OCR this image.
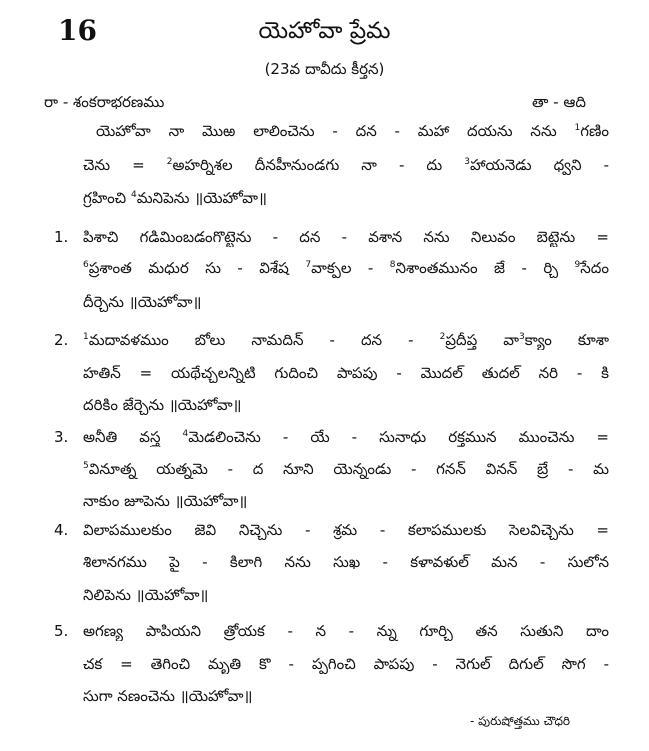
16	యెహోవా ప్రేమ
(23వ దావీదు కీర్తన)
రా - శంకరాభరణము	తా - ఆది
యెహోవా నా మొఱ లాలించెను - దన - మహా దయను నను $^1$గణిం
చెను = $^2$అహర్నిశల దీనహీనుండగు నా - దు $^3$హాయనెడు ధ్వని -
గ్రహించి $^4$మనిపెను ॥యెహోవా॥
1. పిశాచి గడిమింబడంగొట్టెను - దన - వశాన నను నిలువం బెట్టెను =
$^6$ప్రశాంత మధుర సు - విశేష $^7$వాక్ఫల - $^8$నిశాంతమునం జే - ర్చి $^9$సేదం
దీర్చెను ॥యెహోవా॥
2. $^1$మదావళముం బోలు నామదిన్ - దన - $^2$ప్రదీప్త వా$^3$క్యాం కూశా
హతిన్ = యథేచ్ఛలన్నిటి గుదించి పాపపు - మొదల్ తుదల్ నరి - కి
దరికిం జేర్చెను ॥యెహోవా॥
3. అనీతి వస్త్ర $^4$మెడలించెను - యే - సునాధు రక్తమున ముంచెను =
$^5$వినూత్న యత్నమె - ద నూని యెన్నండు - గనన్ వినన్ బ్రే - మ
నాకుం జూపెను ॥యెహోవా॥
4. విలాపములకుం జెవి నిచ్చెను - శ్రమ - కలాపములకు సెలవిచ్చెను =
శిలానగము పై - కిలాగి నను సుఖ - కళావళుల్ మన - సులోన
నిలిపెను ॥యెహోవా॥
5. అగణ్య పాపియని త్రోయక - న - న్ను గూర్చి తన సుతుని దాం
చక = తెగించి మృతి కొ - ప్పగించి పాపపు - నెగుల్ దిగుల్ సొగ -
సుగా నణంచెను ॥యెహోవా॥
- పురుషోత్తము చౌధరి
